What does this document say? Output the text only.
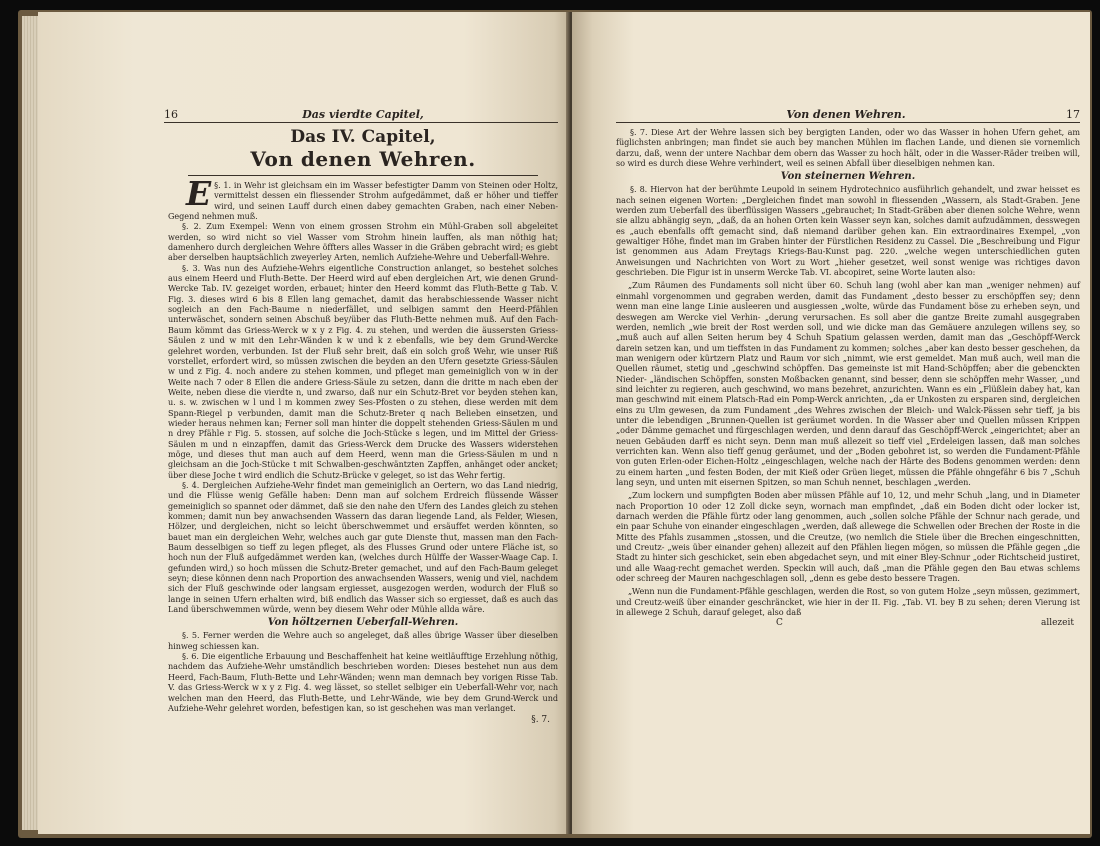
16	Das vierdte Capitel,
Das IV. Capitel,
Von denen Wehren.

§. 1.
E	in Wehr ist gleichsam ein im Wasser befestigter Damm von Steinen oder Holtz, vermittelst dessen ein fliessender Strohm aufgedämmet, daß er höher und tieffer wird, und seinen Lauff durch einen dabey gemachten Graben, nach einer Neben-Gegend nehmen muß.

§. 2. Zum Exempel: Wenn von einem grossen Strohm ein Mühl-Graben soll abgeleitet werden, so wird nicht so viel Wasser vom Strohm hinein lauffen, als man nöthig hat; damenhero durch dergleichen Wehre öffters alles Wasser in die Gräben gebracht wird; es giebt aber derselben hauptsächlich zweyerley Arten, nemlich Aufziehe-Wehre und Ueberfall-Wehre.

§. 3. Was nun des Aufziehe-Wehrs eigentliche Construction anlanget, so bestehet solches aus einem Heerd und Fluth-Bette. Der Heerd wird auf eben dergleichen Art, wie denen Grund-Wercke Tab. IV. gezeiget worden, erbauet; hinter den Heerd kommt das Fluth-Bette g Tab. V. Fig. 3. dieses wird 6 bis 8 Ellen lang gemachet, damit das herabschiessende Wasser nicht sogleich an den Fach-Baume n niederfället, und selbigen sammt den Heerd-Pfählen unterwäschet, sondern seinen Abschuß bey/über das Fluth-Bette nehmen muß. Auf den Fach-Baum kömmt das Griess-Werck w x y z Fig. 4. zu stehen, und werden die äussersten Griess-Säulen z und w mit den Lehr-Wänden k w und k z ebenfalls, wie bey dem Grund-Wercke gelehret worden, verbunden. Ist der Fluß sehr breit, daß ein solch groß Wehr, wie unser Riß vorstellet, erfordert wird, so müssen zwischen die beyden an den Ufern gesetzte Griess-Säulen w und z Fig. 4. noch andere zu stehen kommen, und pfleget man gemeiniglich von w in der Weite nach 7 oder 8 Ellen die andere Griess-Säule zu setzen, dann die dritte m nach eben der Weite, neben diese die vierdte n, und zwarso, daß nur ein Schutz-Bret vor beyden stehen kan, u. s. w. zwischen w l und l m kommen zwey Ses-Pfosten o zu stehen, diese werden mit dem Spann-Riegel p verbunden, damit man die Schutz-Breter q nach Belieben einsetzen, und wieder heraus nehmen kan; Ferner soll man hinter die doppelt stehenden Griess-Säulen m und n drey Pfähle r Fig. 5. stossen, auf solche die Joch-Stücke s legen, und im Mittel der Griess-Säulen m und n einzapffen, damit das Griess-Werck dem Drucke des Wassers widerstehen möge, und dieses thut man auch auf dem Heerd, wenn man die Griess-Säulen m und n gleichsam an die Joch-Stücke t mit Schwalben-geschwäntzten Zapffen, anhänget oder ancket; über diese Joche t wird endlich die Schutz-Brücke v geleget, so ist das Wehr fertig.

§. 4. Dergleichen Aufziehe-Wehr findet man gemeiniglich an Oertern, wo das Land niedrig, und die Flüsse wenig Gefälle haben: Denn man auf solchem Erdreich flüssende Wässer gemeiniglich so spannet oder dämmet, daß sie den nahe den Ufern des Landes gleich zu stehen kommen; damit nun bey anwachsenden Wassern das daran liegende Land, als Felder, Wiesen, Hölzer, und dergleichen, nicht so leicht überschwemmet und ersäuffet werden könnten, so bauet man ein dergleichen Wehr, welches auch gar gute Dienste thut, massen man den Fach-Baum desselbigen so tieff zu legen pfleget, als des Flusses Grund oder untere Fläche ist, so hoch nun der Fluß aufgedämmet werden kan, (welches durch Hülffe der Wasser-Waage Cap. I. gefunden wird,) so hoch müssen die Schutz-Breter gemachet, und auf den Fach-Baum geleget seyn; diese können denn nach Proportion des anwachsenden Wassers, wenig und viel, nachdem sich der Fluß geschwinde oder langsam ergiesset, ausgezogen werden, wodurch der Fluß so lange in seinen Ufern erhalten wird, biß endlich das Wasser sich so ergiesset, daß es auch das Land überschwemmen würde, wenn bey diesem Wehr oder Mühle allda wäre.

Von höltzernen Ueberfall-Wehren.

§. 5. Ferner werden die Wehre auch so angeleget, daß alles übrige Wasser über dieselben hinweg schiessen kan.

§. 6. Die eigentliche Erbauung und Beschaffenheit hat keine weitläufftige Erzehlung nöthig, nachdem das Aufziehe-Wehr umständlich beschrieben worden: Dieses bestehet nun aus dem Heerd, Fach-Baum, Fluth-Bette und Lehr-Wänden; wenn man demnach bey vorigen Risse Tab. V. das Griess-Werck w x y z Fig. 4. weg lässet, so stellet selbiger ein Ueberfall-Wehr vor, nach welchen man den Heerd, das Fluth-Bette, und Lehr-Wände, wie bey dem Grund-Werck und Aufziehe-Wehr gelehret worden, befestigen kan, so ist geschehen was man verlanget.

§. 7.
Von denen Wehren.	17

§. 7. Diese Art der Wehre lassen sich bey bergigten Landen, oder wo das Wasser in hohen Ufern gehet, am füglichsten anbringen; man findet sie auch bey manchen Mühlen im flachen Lande, und dienen sie vornemlich darzu, daß, wenn der untere Nachbar dem obern das Wasser zu hoch hält, oder in die Wasser-Räder treiben will, so wird es durch diese Wehre verhindert, weil es seinen Abfall über dieselbigen nehmen kan.

Von steinernen Wehren.

§. 8. Hiervon hat der berühmte Leupold in seinem Hydrotechnico ausführlich gehandelt, und zwar heisset es nach seinen eigenen Worten: „Dergleichen findet man sowohl in fliessenden „Wassern, als Stadt-Graben. Jene werden zum Ueberfall des überflüssigen Wassers „gebrauchet; In Stadt-Gräben aber dienen solche Wehre, wenn sie allzu abhängig seyn, „daß, da an hohen Orten kein Wasser seyn kan, solches damit aufzudämmen, desswegen es „auch ebenfalls offt gemacht sind, daß niemand darüber gehen kan. Ein extraordinaires Exempel, „von gewaltiger Höhe, findet man im Graben hinter der Fürstlichen Residenz zu Cassel. Die „Beschreibung und Figur ist genommen aus Adam Freytags Kriegs-Bau-Kunst pag. 220. „welche wegen unterschiedlichen guten Anweisungen und Nachrichten von Wort zu Wort „hieher gesetzet, weil sonst wenige was richtiges davon geschrieben. Die Figur ist in unserm Wercke Tab. VI. abcopiret, seine Worte lauten also:

„Zum Räumen des Fundaments soll nicht über 60. Schuh lang (wohl aber kan man „weniger nehmen) auf einmahl vorgenommen und gegraben werden, damit das Fundament „desto besser zu erschöpffen sey; denn wenn man eine lange Linie ausleeren und ausgiessen „wolte, würde das Fundament böse zu erheben seyn, und deswegen am Wercke viel Verhin- „derung verursachen. Es soll aber die gantze Breite zumahl ausgegraben werden, nemlich „wie breit der Rost werden soll, und wie dicke man das Gemäuere anzulegen willens sey, so „muß auch auf allen Seiten herum bey 4 Schuh Spatium gelassen werden, damit man das „Geschöpff-Werck darein setzen kan, und um tieffsten in das Fundament zu kommen; solches „aber kan desto besser geschehen, da man wenigern oder kürtzern Platz und Raum vor sich „nimmt, wie erst gemeldet. Man muß auch, weil man die Quellen räumet, stetig und „geschwind schöpffen. Das gemeinste ist mit Hand-Schöpffen; aber die gebenckten Nieder- „ländischen Schöpffen, sonsten Moßbacken genannt, sind besser, denn sie schöpffen mehr Wasser, „und sind leichter zu regieren, auch geschwind, wo mans bezehret, anzurichten. Wann es ein „Flüßlein dabey hat, kan man geschwind mit einem Platsch-Rad ein Pomp-Werck anrichten, „da er Unkosten zu ersparen sind, dergleichen eins zu Ulm gewesen, da zum Fundament „des Wehres zwischen der Bleich- und Walck-Pässen sehr tieff, ja bis unter die lebendigen „Brunnen-Quellen ist geräumet worden. In die Wasser aber und Quellen müssen Krippen „oder Dämme gemachet und fürgeschlagen werden, und denn darauf das Geschöpff-Werck „eingerichtet; aber an neuen Gebäuden darff es nicht seyn. Denn man muß allezeit so tieff viel „Erdeleigen lassen, daß man solches verrichten kan. Wenn also tieff genug geräumet, und der „Boden gebohret ist, so werden die Fundament-Pfähle von guten Erlen-oder Eichen-Holtz „eingeschlagen, welche nach der Härte des Bodens genommen werden: denn zu einem harten „und festen Boden, der mit Kieß oder Grüen lieget, müssen die Pfähle ohngefähr 6 bis 7 „Schuh lang seyn, und unten mit eisernen Spitzen, so man Schuh nennet, beschlagen „werden.

„Zum lockern und sumpfigten Boden aber müssen Pfähle auf 10, 12, und mehr Schuh „lang, und in Diameter nach Proportion 10 oder 12 Zoll dicke seyn, wornach man empfindet, „daß ein Boden dicht oder locker ist, darnach werden die Pfähle fürtz oder lang genommen, auch „sollen solche Pfähle der Schnur nach gerade, und ein paar Schuhe von einander eingeschlagen „werden, daß allewege die Schwellen oder Brechen der Roste in die Mitte des Pfahls zusammen „stossen, und die Creutze, (wo nemlich die Stiele über die Brechen eingeschnitten, und Creutz- „weis über einander gehen) allezeit auf den Pfählen liegen mögen, so müssen die Pfähle gegen „die Stadt zu hinter sich geschicket, sein eben abgedachet seyn, und mit einer Bley-Schnur „oder Richtscheid justiret, und alle Waag-recht gemachet werden. Speckin will auch, daß „man die Pfähle gegen den Bau etwas schlems oder schreeg der Mauren nachgeschlagen soll, „denn es gebe desto bessere Tragen.

„Wenn nun die Fundament-Pfähle geschlagen, werden die Rost, so von gutem Holze „seyn müssen, gezimmert, und Creutz-weiß über einander geschräncket, wie hier in der II. Fig. „Tab. VI. bey B zu sehen; deren Vierung ist in allewege 2 Schuh, darauf geleget, also daß

C	allezeit
